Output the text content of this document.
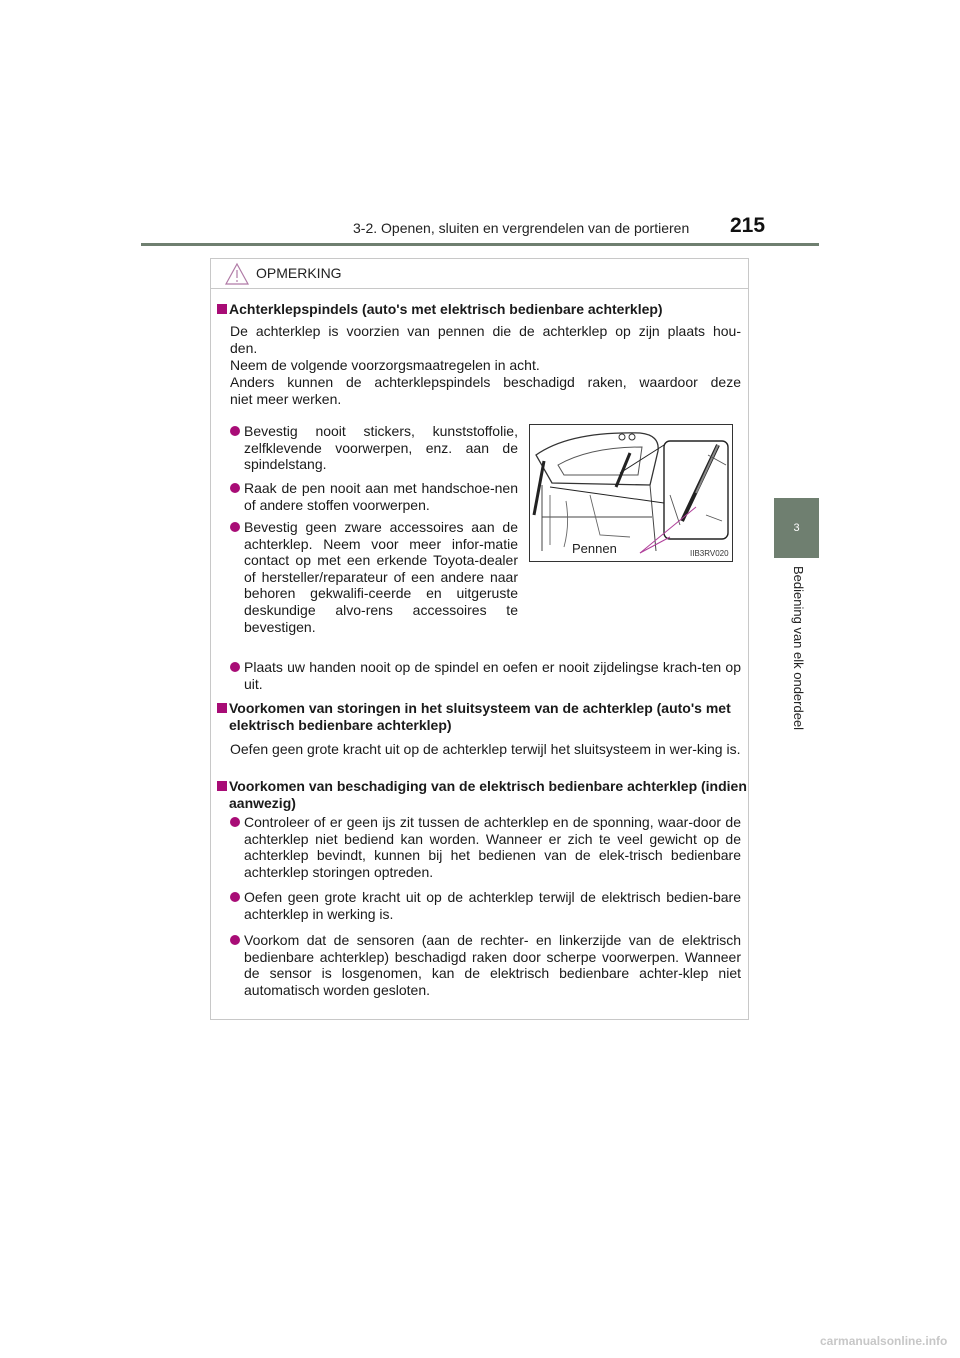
3-2. Openen, sluiten en vergrendelen van de portieren	215
3
Bediening van elk onderdeel
OPMERKING
Achterklepspindels (auto's met elektrisch bedienbare achterklep)
De achterklep is voorzien van pennen die de achterklep op zijn plaats hou-
den.
Neem de volgende voorzorgsmaatregelen in acht.
Anders kunnen de achterklepspindels beschadigd raken, waardoor deze
niet meer werken.
Bevestig nooit stickers, kunststoffolie, zelfklevende voorwerpen, enz. aan de spindelstang.
Raak de pen nooit aan met handschoe-nen of andere stoffen voorwerpen.
Bevestig geen zware accessoires aan de achterklep. Neem voor meer infor-matie contact op met een erkende Toyota-dealer of hersteller/reparateur of een andere naar behoren gekwalifi-ceerde en uitgeruste deskundige alvo-rens accessoires te bevestigen.
Pennen	IIB3RV020
Plaats uw handen nooit op de spindel en oefen er nooit zijdelingse krach-ten op uit.
Voorkomen van storingen in het sluitsysteem van de achterklep (auto's met elektrisch bedienbare achterklep)
Oefen geen grote kracht uit op de achterklep terwijl het sluitsysteem in wer-king is.
Voorkomen van beschadiging van de elektrisch bedienbare achterklep (indien aanwezig)
Controleer of er geen ijs zit tussen de achterklep en de sponning, waar-door de achterklep niet bediend kan worden. Wanneer er zich te veel gewicht op de achterklep bevindt, kunnen bij het bedienen van de elek-trisch bedienbare achterklep storingen optreden.
Oefen geen grote kracht uit op de achterklep terwijl de elektrisch bedien-bare achterklep in werking is.
Voorkom dat de sensoren (aan de rechter- en linkerzijde van de elektrisch bedienbare achterklep) beschadigd raken door scherpe voorwerpen. Wanneer de sensor is losgenomen, kan de elektrisch bedienbare achter-klep niet automatisch worden gesloten.
carmanualsonline.info
